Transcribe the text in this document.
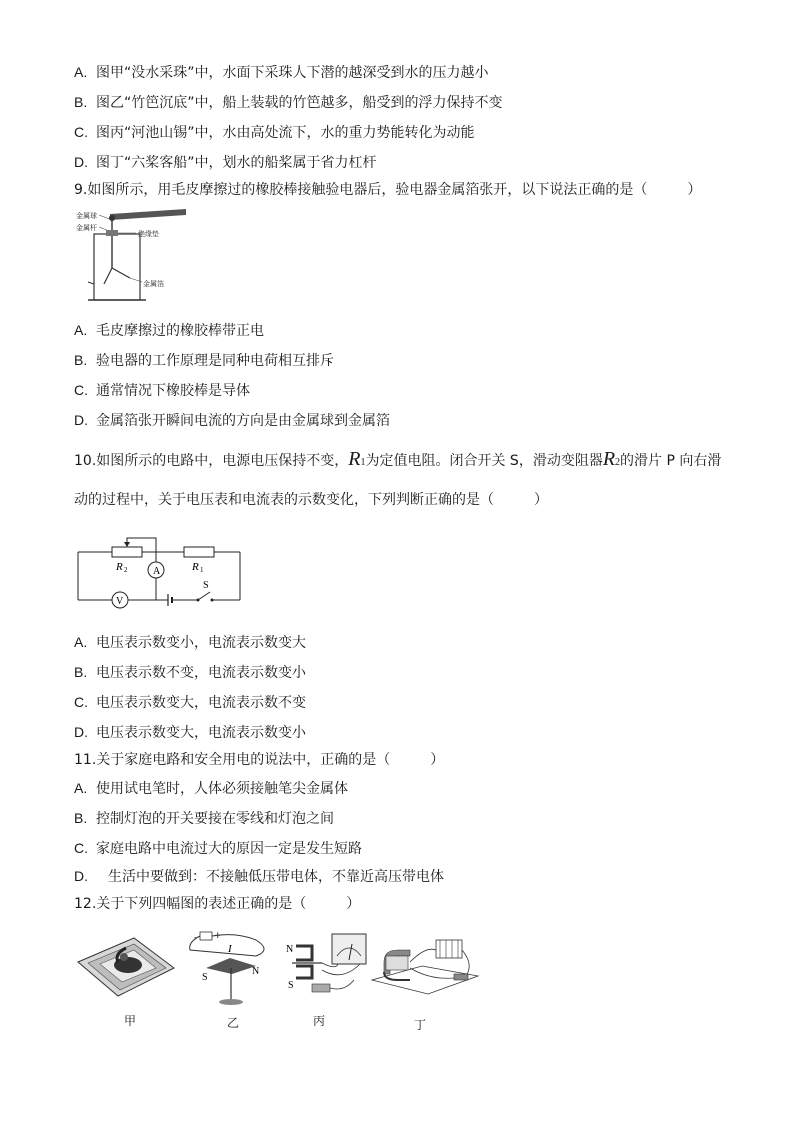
A. 图甲“没水采珠”中，水面下采珠人下潜的越深受到水的压力越小
B. 图乙“竹笆沉底”中，船上装载的竹笆越多，船受到的浮力保持不变
C. 图丙“河池山锡”中，水由高处流下，水的重力势能转化为动能
D. 图丁“六桨客船”中，划水的船桨属于省力杠杆
9.如图所示，用毛皮摩擦过的橡胶棒接触验电器后，验电器金属箔张开，以下说法正确的是（	）
金属球
金属杆
绝缘垫
金属箔
A. 毛皮摩擦过的橡胶棒带正电
B. 验电器的工作原理是同种电荷相互排斥
C. 通常情况下橡胶棒是导体
D. 金属箔张开瞬间电流的方向是由金属球到金属箔
10.如图所示的电路中，电源电压保持不变，R1为定值电阻。闭合开关 S，滑动变阻器R2的滑片 P 向右滑
动的过程中，关于电压表和电流表的示数变化，下列判断正确的是（	）
A
V
R 2	R 1
S
A. 电压表示数变小，电流表示数变大
B. 电压表示数不变，电流表示数变小
C. 电压表示数变大，电流表示数不变
D. 电压表示数变大，电流表示数变小
11.关于家庭电路和安全用电的说法中，正确的是（	）
A. 使用试电笔时，人体必须接触笔尖金属体
B. 控制灯泡的开关要接在零线和灯泡之间
C. 家庭电路中电流过大的原因一定是发生短路
D. 生活中要做到：不接触低压带电体，不靠近高压带电体
12.关于下列四幅图的表述正确的是（	）
甲
- +
I
S
N
乙
N
S
丙	丁
